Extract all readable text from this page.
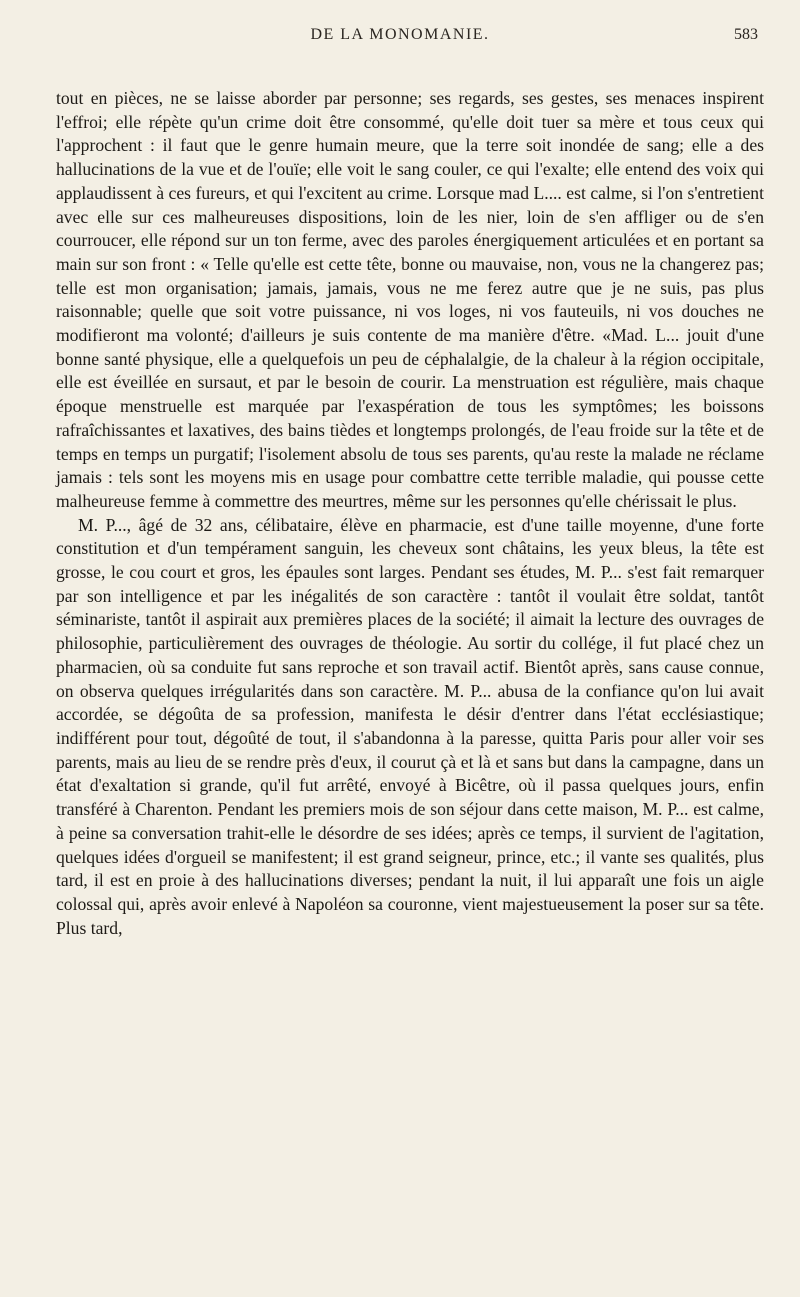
DE LA MONOMANIE.	583

tout en pièces, ne se laisse aborder par personne; ses regards, ses gestes, ses menaces inspirent l'effroi; elle répète qu'un crime doit être consommé, qu'elle doit tuer sa mère et tous ceux qui l'approchent : il faut que le genre humain meure, que la terre soit inondée de sang; elle a des hallucinations de la vue et de l'ouïe; elle voit le sang couler, ce qui l'exalte; elle entend des voix qui applaudissent à ces fureurs, et qui l'excitent au crime. Lorsque mad L.... est calme, si l'on s'entretient avec elle sur ces malheureuses dispositions, loin de les nier, loin de s'en affliger ou de s'en courroucer, elle répond sur un ton ferme, avec des paroles énergiquement articulées et en portant sa main sur son front : « Telle qu'elle est cette tête, bonne ou mauvaise, non, vous ne la changerez pas; telle est mon organisation; jamais, jamais, vous ne me ferez autre que je ne suis, pas plus raisonnable; quelle que soit votre puissance, ni vos loges, ni vos fauteuils, ni vos douches ne modifieront ma volonté; d'ailleurs je suis contente de ma manière d'être. «Mad. L... jouit d'une bonne santé physique, elle a quelquefois un peu de céphalalgie, de la chaleur à la région occipitale, elle est éveillée en sursaut, et par le besoin de courir. La menstruation est régulière, mais chaque époque menstruelle est marquée par l'exaspération de tous les symptômes; les boissons rafraîchissantes et laxatives, des bains tièdes et longtemps prolongés, de l'eau froide sur la tête et de temps en temps un purgatif; l'isolement absolu de tous ses parents, qu'au reste la malade ne réclame jamais : tels sont les moyens mis en usage pour combattre cette terrible maladie, qui pousse cette malheureuse femme à commettre des meurtres, même sur les personnes qu'elle chérissait le plus.

M. P..., âgé de 32 ans, célibataire, élève en pharmacie, est d'une taille moyenne, d'une forte constitution et d'un tempérament sanguin, les cheveux sont châtains, les yeux bleus, la tête est grosse, le cou court et gros, les épaules sont larges. Pendant ses études, M. P... s'est fait remarquer par son intelligence et par les inégalités de son caractère : tantôt il voulait être soldat, tantôt séminariste, tantôt il aspirait aux premières places de la société; il aimait la lecture des ouvrages de philosophie, particulièrement des ouvrages de théologie. Au sortir du collége, il fut placé chez un pharmacien, où sa conduite fut sans reproche et son travail actif. Bientôt après, sans cause connue, on observa quelques irrégularités dans son caractère. M. P... abusa de la confiance qu'on lui avait accordée, se dégoûta de sa profession, manifesta le désir d'entrer dans l'état ecclésiastique; indifférent pour tout, dégoûté de tout, il s'abandonna à la paresse, quitta Paris pour aller voir ses parents, mais au lieu de se rendre près d'eux, il courut çà et là et sans but dans la campagne, dans un état d'exaltation si grande, qu'il fut arrêté, envoyé à Bicêtre, où il passa quelques jours, enfin transféré à Charenton. Pendant les premiers mois de son séjour dans cette maison, M. P... est calme, à peine sa conversation trahit-elle le désordre de ses idées; après ce temps, il survient de l'agitation, quelques idées d'orgueil se manifestent; il est grand seigneur, prince, etc.; il vante ses qualités, plus tard, il est en proie à des hallucinations diverses; pendant la nuit, il lui apparaît une fois un aigle colossal qui, après avoir enlevé à Napoléon sa couronne, vient majestueusement la poser sur sa tête. Plus tard,
